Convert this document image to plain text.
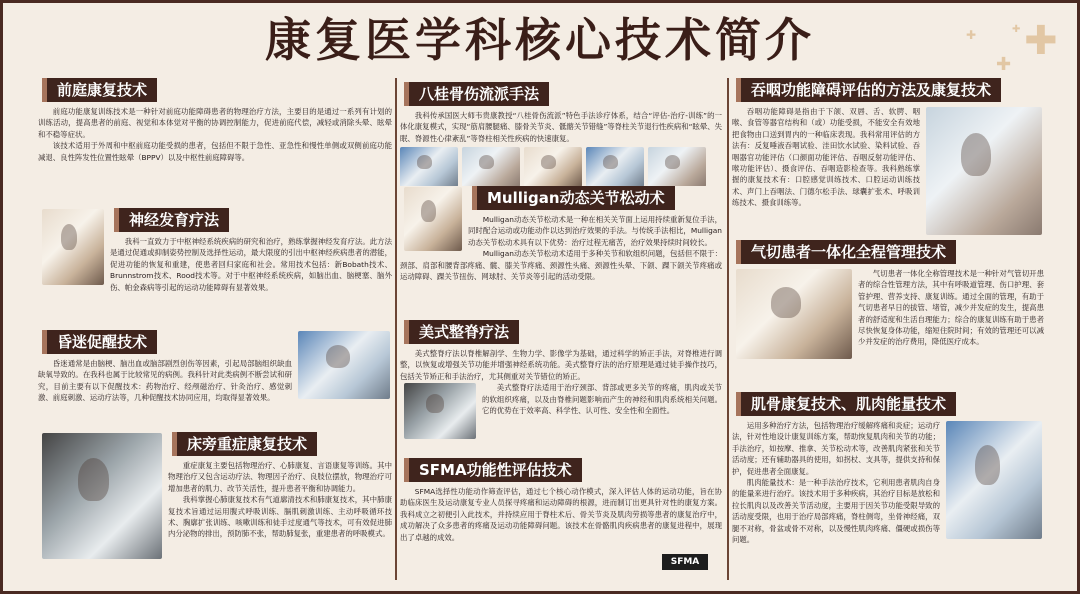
康复医学科核心技术简介	✚
✚
✚	✚
前庭康复技术

前庭功能康复训练技术是一种针对前庭功能障碍患者的物理治疗方法，主要目的是通过一系列有计划的训练活动，提高患者的前庭、视觉和本体觉对平衡的协调控制能力，促进前庭代偿，减轻或消除头晕、眩晕和不稳等症状。

该技术适用于外周和中枢前庭功能受损的患者，包括但不限于急性、亚急性和慢性单侧或双侧前庭功能减退、良性阵发性位置性眩晕（BPPV）以及中枢性前庭障碍等。

神经发育疗法

我科一直致力于中枢神经系统疾病的研究和治疗，熟练掌握神经发育疗法。此方法是通过促通或抑制姿势控制及选择性运动，最大限度的引出中枢神经疾病患者的潜能，促进功能的恢复和重建，使患者回归家庭和社会。常用技术包括：新Bobath技术、Brunnstrom技术、Rood技术等。对于中枢神经系统疾病，如脑出血、脑梗塞、脑外伤、帕金森病等引起的运动功能障碍有显著效果。

昏迷促醒技术

昏迷通常是由脑梗、脑出血或脑部剧烈创伤等因素，引起局部脑组织缺血缺氧导致的。在我科也属于比较常见的病例。我科针对此类病例不断尝试和研究，目前主要有以下促醒技术：药物治疗、经颅磁治疗、针灸治疗、感觉刺激、前庭刺激、运动疗法等，几种促醒技术协同应用，均取得显著效果。

床旁重症康复技术

重症康复主要包括物理治疗、心肺康复、言语康复等训练。其中物理治疗又包含运动疗法、物理因子治疗、良肢位摆放，物理治疗可增加患者的肌力、改节关活性，提升患者平衡和协调能力。

我科掌握心肺康复技术有气道廓清技术和肺康复技术，其中肺康复技术旨通过运用腹式呼吸训练、膈肌刺激训练、主动呼吸循环技术、胸廓扩张训练、咳嗽训练和徒手过度通气等技术，可有效促进肺内分泌物的排出，预防肺不张，帮助肺复张，重建患者的呼吸模式。

八桂骨伤流派手法

我科传承国医大师韦贵康教授“八桂骨伤流派”特色手法诊疗体系，结合“评估-治疗-训练”的一体化康复模式，实现“筋肩腰腿痛、膝骨关节炎、骶髂关节错缝”等脊柱关节退行性疾病和“眩晕、失眠、脊源性心律紊乱”等脊柱相关性疾病的快速康复。

Mulligan动态关节松动术

Mulligan动态关节松动术是一种在相关关节面上运用持续重新复位手法，同时配合运动或功能动作以达到治疗效果的手法。与传统手法相比，Mulligan动态关节松动术具有以下优势：治疗过程无痛苦，治疗效果持续时间较长。

Mulligan动态关节松动术适用于多种关节和软组织问题，包括但不限于：颈部、肩部和腰背部疼痛、髋、膝关节疼痛、颈源性头痛、颈源性头晕、下颌、踝下颌关节疼痛或运动障碍、踝关节扭伤、网球肘、关节炎等引起的活动受限。

美式整脊疗法

美式整脊疗法以脊椎解剖学、生物力学、影像学为基础，通过科学的矫正手法，对脊椎进行调整，以恢复或增强关节功能并增强神经系统功能。美式整脊疗法的治疗原理是通过徒手操作技巧，包括关节矫正和手法治疗，尤其侧重对关节错位的矫正。

美式整脊疗法适用于治疗颈部、背部或更多关节的疼痛，肌肉或关节的软组织疼痛，以及由脊椎问题影响而产生的神经和肌肉系统相关问题。它的优势在于效率高、科学性、认可性、安全性和全面性。

SFMA功能性评估技术

SFMA选择性功能动作筛查评估，通过七个核心动作模式，深入评估人体的运动功能，旨在协助临床医生及运动康复专业人员探寻疼痛和运动障碍的根源，进而制订出更具针对性的康复方案。我科成立之初便引入此技术，并持续应用于脊柱术后、骨关节炎及肌肉劳损等患者的康复治疗中，成功解决了众多患者的疼痛及运动功能障碍问题。该技术在骨骼肌肉疾病患者的康复进程中，展现出了卓越的成效。

SFMA
吞咽功能障碍评估的方法及康复技术

吞咽功能障碍是指由于下颌、双唇、舌、软腭、咽喉、食管等器官结构和（或）功能受损，不能安全有效地把食物由口送到胃内的一种临床表现。我科常用评估的方法有：反复唾液吞咽试验、洼田饮水试验、染料试验、吞咽器官功能评估（口颜面功能评估、吞咽反射功能评估、喉功能评估）、摄食评估、吞咽造影检查等。我科熟练掌握的康复技术有：口腔感觉训练技术、口腔运动训练技术、声门上吞咽法、门德尔松手法、球囊扩张术、呼吸训练技术、摄食训练等。

气切患者一体化全程管理技术

气切患者一体化全称管理技术是一种针对气管切开患者的综合性管理方法，其中有呼吸道管理、伤口护理、套管护理、营养支持、康复训练。通过全面的管理，有助于气切患者早日的拔管、堵管，减少并发症的发生，提高患者的舒适度和生活自理能力；综合的康复训练有助于患者尽快恢复身体功能，缩短住院时间；有效的管理还可以减少并发症的治疗费用，降低医疗成本。

肌骨康复技术、肌肉能量技术

运用多种治疗方法，包括物理治疗缓解疼痛和炎症；运动疗法，针对性地设计康复训练方案，帮助恢复肌肉和关节的功能；手法治疗，如按摩、推拿、关节松动术等，改善肌肉紧张和关节活动度；还有辅助器具的使用，如拐杖、支具等，提供支持和保护，促进患者全面康复。

肌肉能量技术：是一种手法治疗技术，它利用患者肌肉自身的能量来进行治疗。该技术用于多种疾病，其治疗目标是放松和拉长肌肉以及改善关节活动度，主要用于因关节功能受限导致的活动度受限，也用于治疗局部疼痛，脊柱侧弯，坐骨神经痛，双腿不对称，骨盆或骨不对称，以及慢性肌肉疼痛、僵硬或损伤等问题。
